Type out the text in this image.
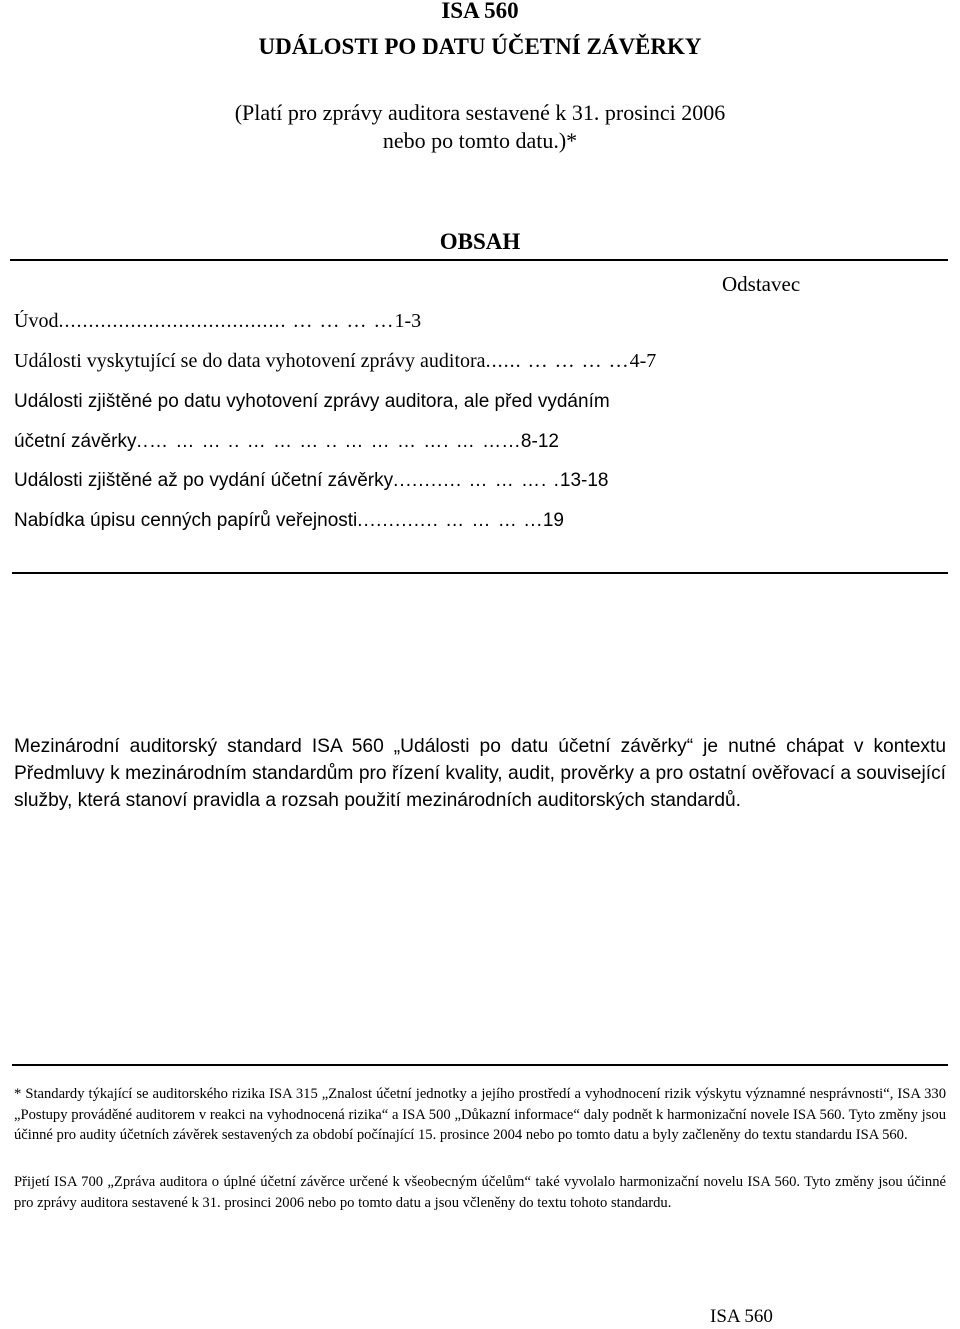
ISA 560
UDÁLOSTI PO DATU ÚČETNÍ ZÁVĚRKY
(Platí pro zprávy auditora sestavené k 31. prosinci 2006
nebo po tomto datu.)*
OBSAH
Odstavec
Úvod ...................................... … … … … 1-3
Události vyskytující se do data vyhotovení zprávy auditora ...... … … … … 4-7
Události zjištěné po datu vyhotovení zprávy auditora, ale před vydáním
účetní závěrky ..… … … .. … … … .. … … … …. … …... 8-12
Události zjištěné až po vydání účetní závěrky ........... … … …. . 13-18
Nabídka úpisu cenných papírů veřejnosti ............. … … … ... 19
Mezinárodní auditorský standard ISA 560 „Události po datu účetní závěrky“ je nutné chápat v kontextu Předmluvy k mezinárodním standardům pro řízení kvality, audit, prověrky a pro ostatní ověřovací a související služby, která stanoví pravidla a rozsah použití mezinárodních auditorských standardů.
* Standardy týkající se auditorského rizika ISA 315 „Znalost účetní jednotky a jejího prostředí a vyhodnocení rizik výskytu významné nesprávnosti“, ISA 330 „Postupy prováděné auditorem v reakci na vyhodnocená rizika“ a ISA 500 „Důkazní informace“ daly podnět k harmonizační novele ISA 560. Tyto změny jsou účinné pro audity účetních závěrek sestavených za období počínající 15. prosince 2004 nebo po tomto datu a byly začleněny do textu standardu ISA 560.
Přijetí ISA 700 „Zpráva auditora o úplné účetní závěrce určené k všeobecným účelům“ také vyvolalo harmonizační novelu ISA 560. Tyto změny jsou účinné pro zprávy auditora sestavené k 31. prosinci 2006 nebo po tomto datu a jsou včleněny do textu tohoto standardu.
ISA 560
